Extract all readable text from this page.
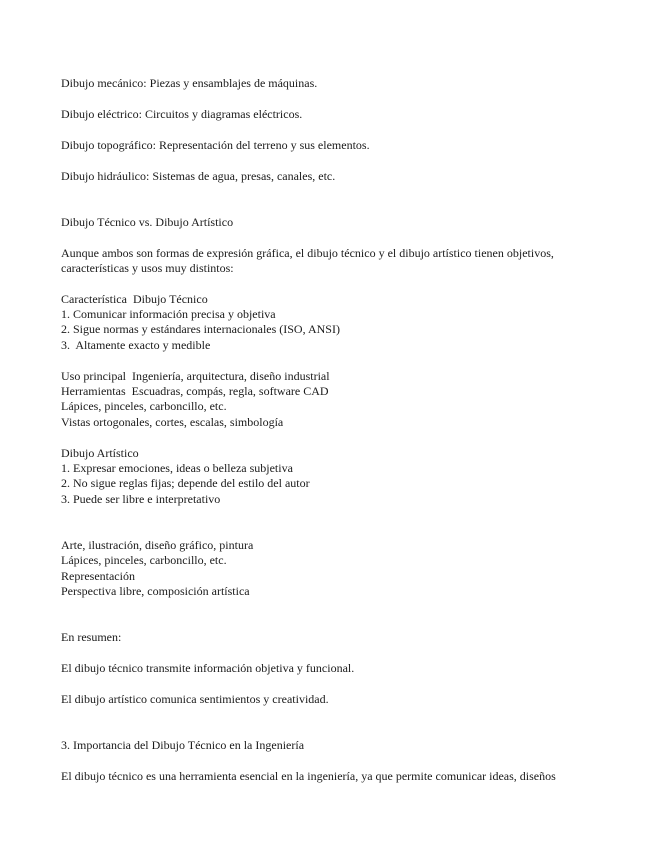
Dibujo mecánico: Piezas y ensamblajes de máquinas.
Dibujo eléctrico: Circuitos y diagramas eléctricos.
Dibujo topográfico: Representación del terreno y sus elementos.
Dibujo hidráulico: Sistemas de agua, presas, canales, etc.
Dibujo Técnico vs. Dibujo Artístico
Aunque ambos son formas de expresión gráfica, el dibujo técnico y el dibujo artístico tienen objetivos,
características y usos muy distintos:
Característica  Dibujo Técnico
1. Comunicar información precisa y objetiva
2. Sigue normas y estándares internacionales (ISO, ANSI)
3.  Altamente exacto y medible
Uso principal  Ingeniería, arquitectura, diseño industrial
Herramientas  Escuadras, compás, regla, software CAD
Lápices, pinceles, carboncillo, etc.
Vistas ortogonales, cortes, escalas, simbología
Dibujo Artístico
1. Expresar emociones, ideas o belleza subjetiva
2. No sigue reglas fijas; depende del estilo del autor
3. Puede ser libre e interpretativo
Arte, ilustración, diseño gráfico, pintura
Lápices, pinceles, carboncillo, etc.
Representación
Perspectiva libre, composición artística
En resumen:
El dibujo técnico transmite información objetiva y funcional.
El dibujo artístico comunica sentimientos y creatividad.
3. Importancia del Dibujo Técnico en la Ingeniería
El dibujo técnico es una herramienta esencial en la ingeniería, ya que permite comunicar ideas, diseños
